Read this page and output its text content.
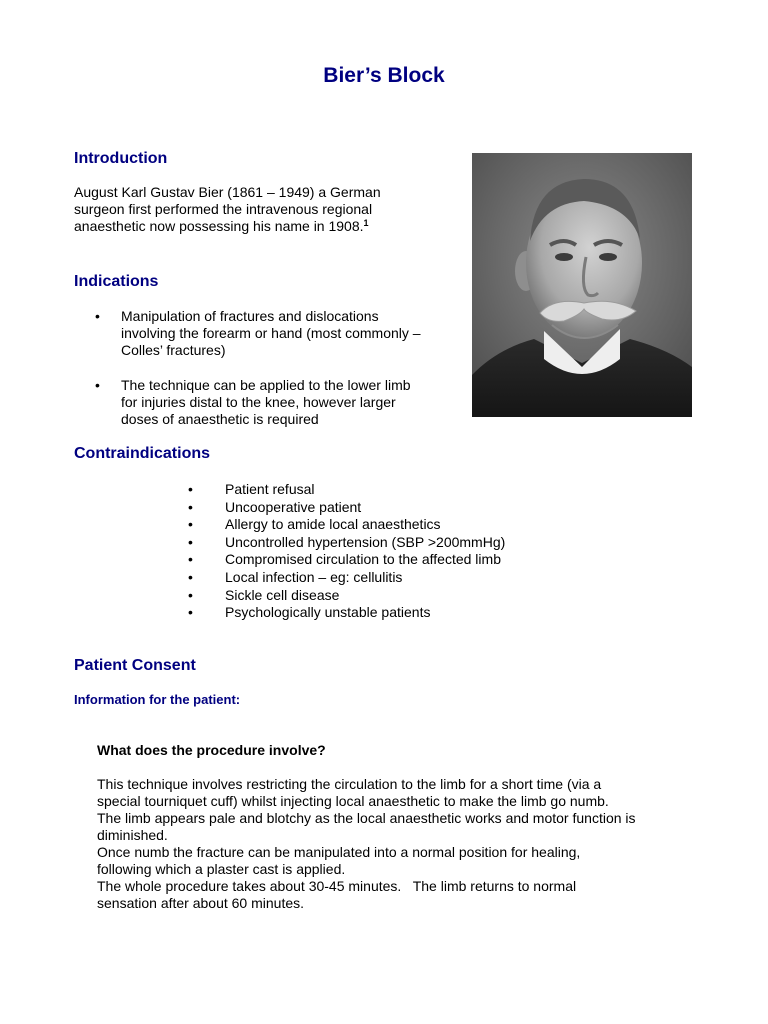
Bier’s Block
Introduction
August Karl Gustav Bier (1861 – 1949) a German
surgeon first performed the intravenous regional
anaesthetic now possessing his name in 1908.$^1$
Indications
• Manipulation of fractures and dislocations
involving the forearm or hand (most commonly –
Colles’ fractures)
• The technique can be applied to the lower limb
for injuries distal to the knee, however larger
doses of anaesthetic is required
Contraindications
• Patient refusal
• Uncooperative patient
• Allergy to amide local anaesthetics
• Uncontrolled hypertension (SBP >200mmHg)
• Compromised circulation to the affected limb
• Local infection – eg: cellulitis
• Sickle cell disease
• Psychologically unstable patients
Patient Consent
Information for the patient:
What does the procedure involve?
This technique involves restricting the circulation to the limb for a short time (via a
special tourniquet cuff) whilst injecting local anaesthetic to make the limb go numb.
The limb appears pale and blotchy as the local anaesthetic works and motor function is
diminished.
Once numb the fracture can be manipulated into a normal position for healing,
following which a plaster cast is applied.
The whole procedure takes about 30-45 minutes.   The limb returns to normal
sensation after about 60 minutes.
